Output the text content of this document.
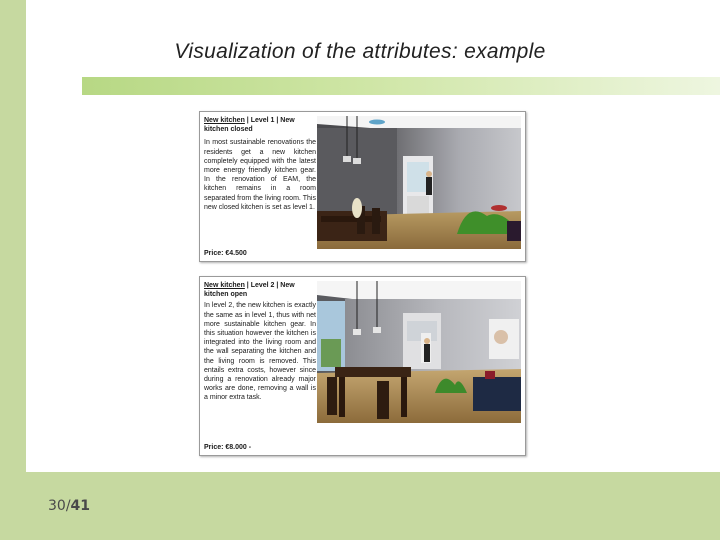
Visualization of the attributes: example
New kitchen | Level 1 | New kitchen closed
In most sustainable renovations the residents get a new kitchen completely equipped with the latest more energy friendly kitchen gear. In the renovation of EAM, the kitchen remains in a room separated from the living room. This new closed kitchen is set as level 1.
Price: €4.500
New kitchen | Level 2 | New kitchen open
In level 2, the new kitchen is exactly the same as in level 1, thus with net more sustainable kitchen gear. In this situation however the kitchen is integrated into the living room and the wall separating the kitchen and the living room is removed. This entails extra costs, however since during a renovation already major works are done, removing a wall is a minor extra task.
Price: €8.000 -
30/41
